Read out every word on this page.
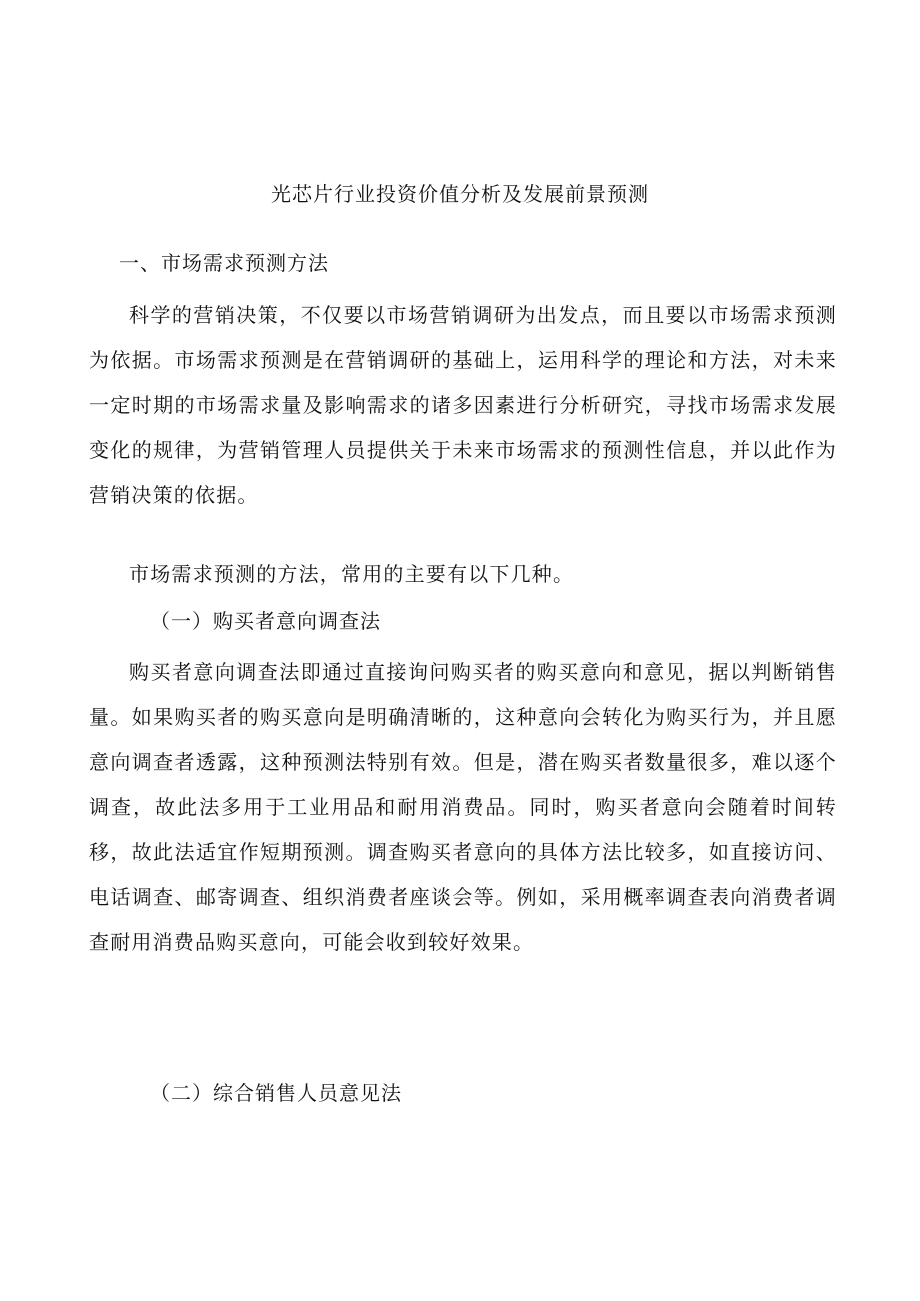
光芯片行业投资价值分析及发展前景预测
一、市场需求预测方法
科学的营销决策，不仅要以市场营销调研为出发点，而且要以市场需求预测为依据。市场需求预测是在营销调研的基础上，运用科学的理论和方法，对未来一定时期的市场需求量及影响需求的诸多因素进行分析研究，寻找市场需求发展变化的规律，为营销管理人员提供关于未来市场需求的预测性信息，并以此作为营销决策的依据。
市场需求预测的方法，常用的主要有以下几种。
（一）购买者意向调查法
购买者意向调查法即通过直接询问购买者的购买意向和意见，据以判断销售量。如果购买者的购买意向是明确清晰的，这种意向会转化为购买行为，并且愿意向调查者透露，这种预测法特别有效。但是，潜在购买者数量很多，难以逐个调查，故此法多用于工业用品和耐用消费品。同时，购买者意向会随着时间转移，故此法适宜作短期预测。调查购买者意向的具体方法比较多，如直接访问、电话调查、邮寄调查、组织消费者座谈会等。例如，采用概率调查表向消费者调查耐用消费品购买意向，可能会收到较好效果。
（二）综合销售人员意见法
